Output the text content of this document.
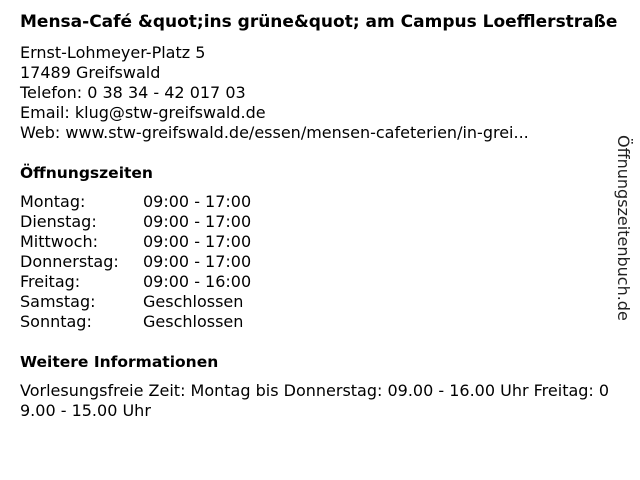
Mensa-Café &quot;ins grüne&quot; am Campus Loefflerstraße
Ernst-Lohmeyer-Platz 5
17489 Greifswald
Telefon: 0 38 34 - 42 017 03
Email: klug@stw-greifswald.de
Web: www.stw-greifswald.de/essen/mensen-cafeterien/in-grei...
Öffnungszeiten
Montag:	09:00 - 17:00
Dienstag:	09:00 - 17:00
Mittwoch:	09:00 - 17:00
Donnerstag:	09:00 - 17:00
Freitag:	09:00 - 16:00
Samstag:	Geschlossen
Sonntag:	Geschlossen
Weitere Informationen
Vorlesungsfreie Zeit: Montag bis Donnerstag: 09.00 - 16.00 Uhr Freitag: 09.00 - 15.00 Uhr
Öffnungszeitenbuch.de
